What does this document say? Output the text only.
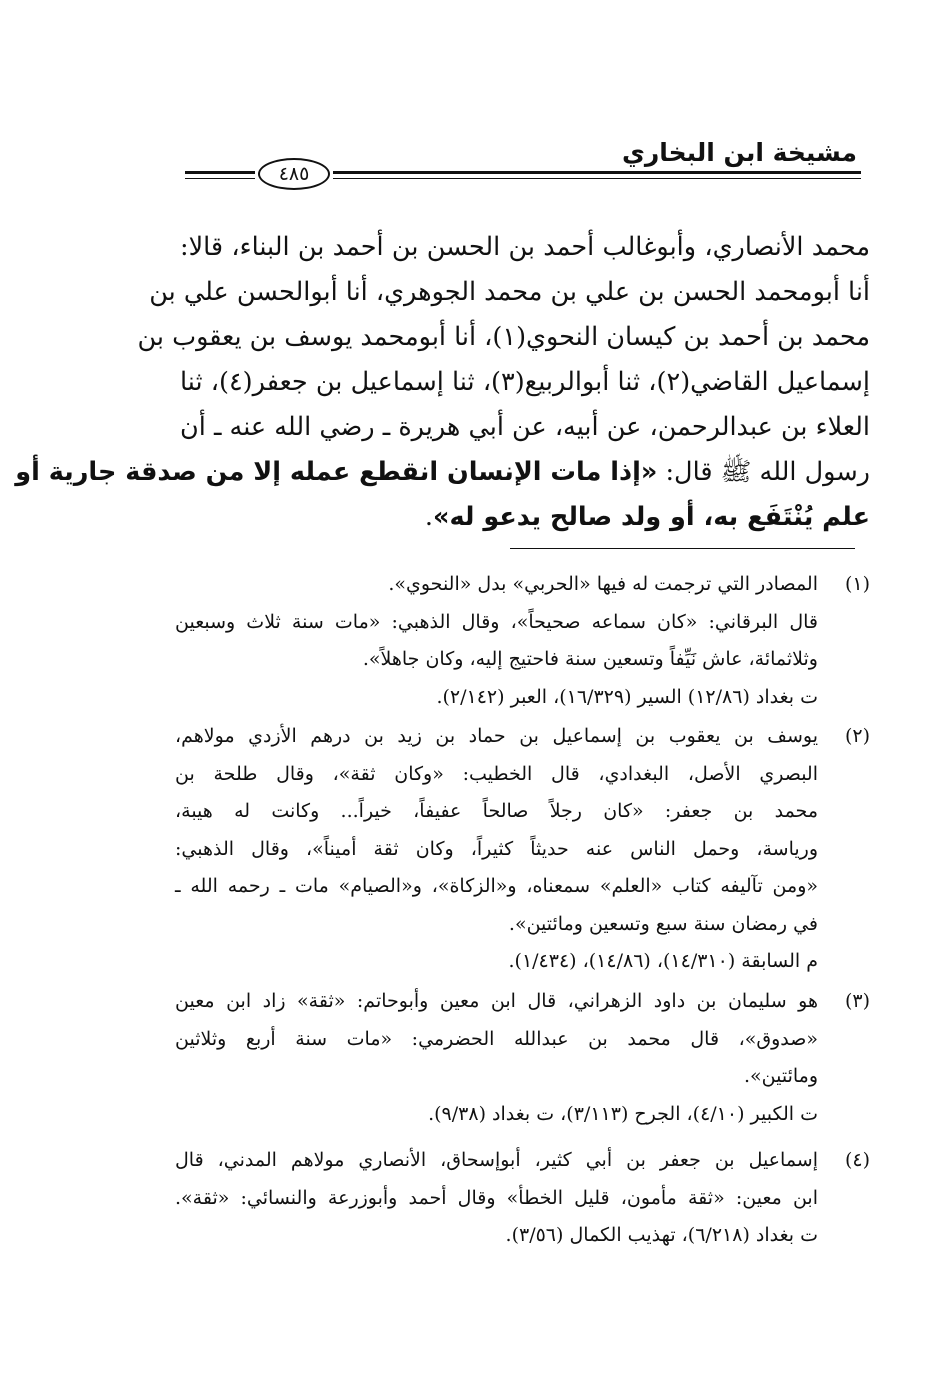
مشيخة ابن البخاري
٤٨٥
محمد الأنصاري، وأبوغالب أحمد بن الحسن بن أحمد بن البناء، قالا:
أنا أبومحمد الحسن بن علي بن محمد الجوهري، أنا أبوالحسن علي بن
محمد بن أحمد بن كيسان النحوي(١)، أنا أبومحمد يوسف بن يعقوب بن
إسماعيل القاضي(٢)، ثنا أبوالربيع(٣)، ثنا إسماعيل بن جعفر(٤)، ثنا
العلاء بن عبدالرحمن، عن أبيه، عن أبي هريرة ـ رضي الله عنه ـ أن
رسول الله ﷺ قال: «إذا مات الإنسان انقطع عمله إلا من صدقة جارية أو
علم يُنْتَفَع به، أو ولد صالح يدعو له».
(١)
المصادر التي ترجمت له فيها «الحربي» بدل «النحوي».
قال البرقاني: «كان سماعه صحيحاً»، وقال الذهبي: «مات سنة ثلاث وسبعين
وثلاثمائة، عاش نَيِّفاً وتسعين سنة فاحتيج إليه، وكان جاهلاً».
ت بغداد (١٢/٨٦) السير (١٦/٣٢٩)، العبر (٢/١٤٢).
(٢)
يوسف بن يعقوب بن إسماعيل بن حماد بن زيد بن درهم الأزدي مولاهم،
البصري الأصل، البغدادي، قال الخطيب: «وكان ثقة»، وقال طلحة بن
محمد بن جعفر: «كان رجلاً صالحاً عفيفاً، خيراً... وكانت له هيبة،
ورياسة، وحمل الناس عنه حديثاً كثيراً، وكان ثقة أميناً»، وقال الذهبي:
«ومن تآليفه كتاب «العلم» سمعناه، و«الزكاة»، و«الصيام» مات ـ رحمه الله ـ
في رمضان سنة سبع وتسعين ومائتين».
م السابقة (١٤/٣١٠)، (١٤/٨٦)، (١/٤٣٤).
(٣)
هو سليمان بن داود الزهراني، قال ابن معين وأبوحاتم: «ثقة» زاد ابن معين
«صدوق»، قال محمد بن عبدالله الحضرمي: «مات سنة أربع وثلاثين
ومائتين».
ت الكبير (٤/١٠)، الجرح (٣/١١٣)، ت بغداد (٩/٣٨).
(٤)
إسماعيل بن جعفر بن أبي كثير، أبوإسحاق، الأنصاري مولاهم المدني، قال
ابن معين: «ثقة مأمون، قليل الخطأ» وقال أحمد وأبوزرعة والنسائي: «ثقة».
ت بغداد (٦/٢١٨)، تهذيب الكمال (٣/٥٦).
